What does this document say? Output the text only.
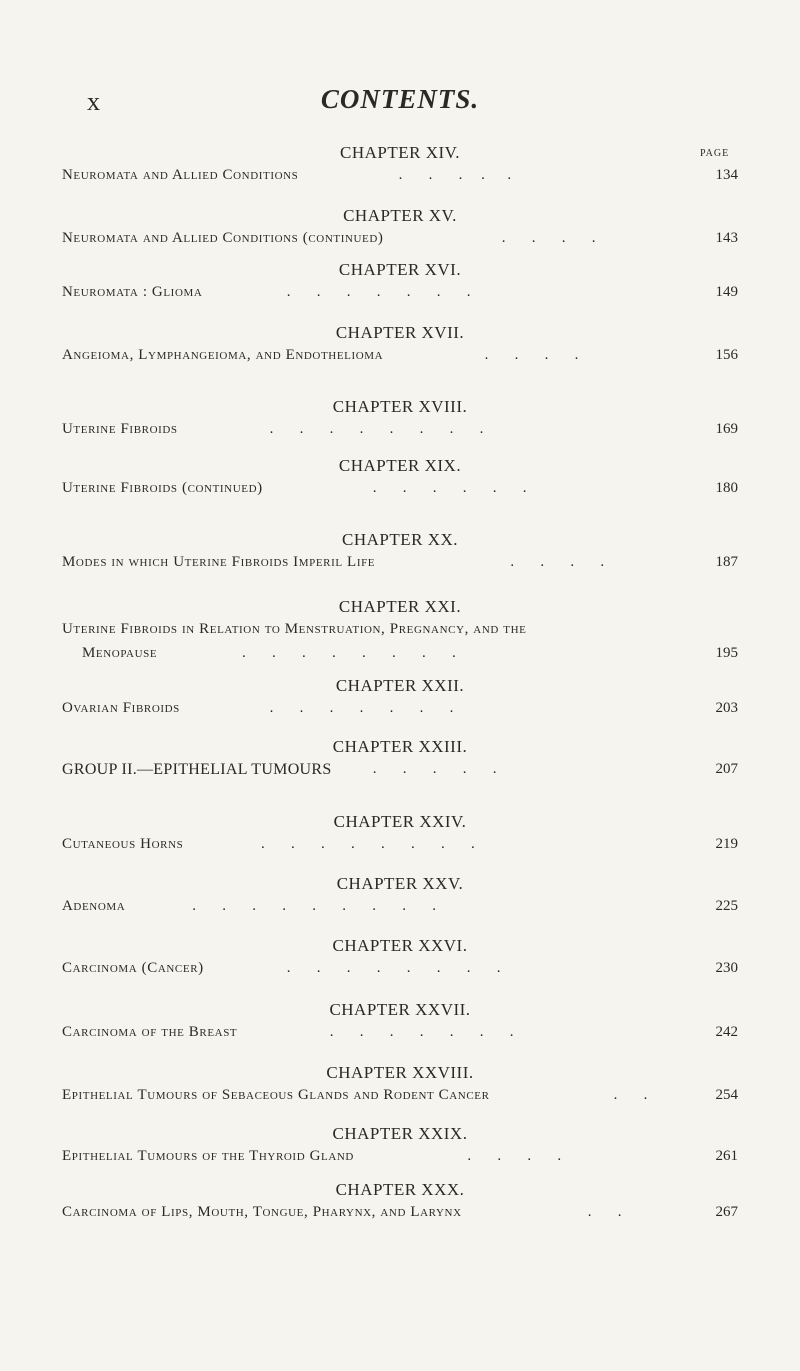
x	CONTENTS.
PAGE
CHAPTER XIV.
Neuromata and Allied Conditions	.       .       .     .      .	134
CHAPTER XV.
Neuromata and Allied Conditions (continued)	.       .       .       .	143
CHAPTER XVI.
Neuromata : Glioma	.       .       .       .       .       .       .	149
CHAPTER XVII.
Angeioma, Lymphangeioma, and Endothelioma	.       .       .       .	156
CHAPTER XVIII.
Uterine Fibroids	.       .       .       .       .       .       .       .	169
CHAPTER XIX.
Uterine Fibroids (continued)	.       .       .       .       .       .	180
CHAPTER XX.
Modes in which Uterine Fibroids Imperil Life	.       .       .       .	187
CHAPTER XXI.
Uterine Fibroids in Relation to Menstruation, Pregnancy, and the
Menopause	.       .       .       .       .       .       .       .	195
CHAPTER XXII.
Ovarian Fibroids	.       .       .       .       .       .       .	203
CHAPTER XXIII.
GROUP II.—EPITHELIAL TUMOURS	.       .       .       .       .	207
CHAPTER XXIV.
Cutaneous Horns	.       .       .       .       .       .       .       .	219
CHAPTER XXV.
Adenoma	.       .       .       .       .       .       .       .       .	225
CHAPTER XXVI.
Carcinoma (Cancer)	.       .       .       .       .       .       .       .	230
CHAPTER XXVII.
Carcinoma of the Breast	.       .       .       .       .       .       .	242
CHAPTER XXVIII.
Epithelial Tumours of Sebaceous Glands and Rodent Cancer	.       .	254
CHAPTER XXIX.
Epithelial Tumours of the Thyroid Gland	.       .       .       .	261
CHAPTER XXX.
Carcinoma of Lips, Mouth, Tongue, Pharynx, and Larynx	.       .	267
